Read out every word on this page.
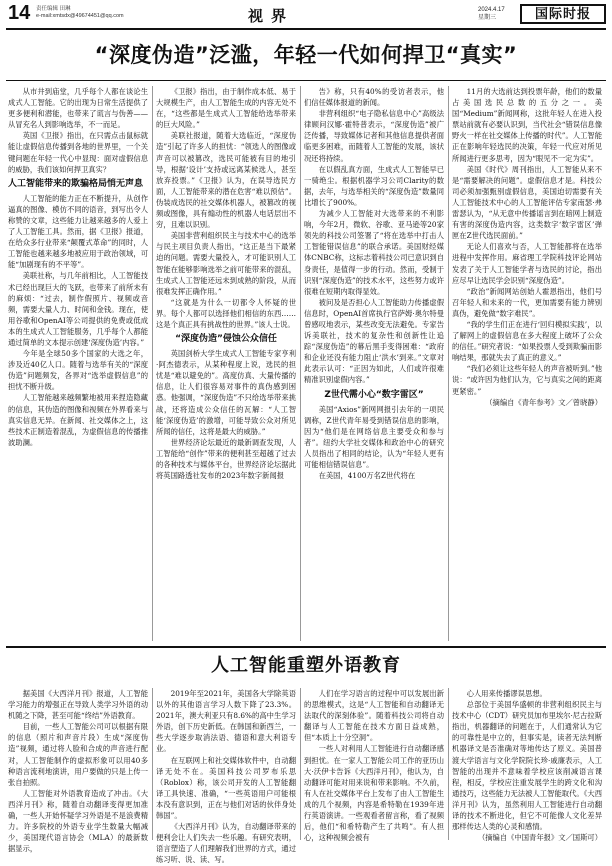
14 责任编辑 田琳
e-mail:xmtsdx@49674451@qq.com	视界	2024.4.17
星期三	国际时报
“深度伪造”泛滥，年轻一代如何捍卫“真实”

从市井到庙堂，几乎每个人都在谈论生成式人工智能。它的出现为日常生活提供了更多便利和潜能，也带来了谎言与伪善——从冒充名人到影响选举，不一而足。

英国《卫报》指出，在只需点击鼠标就能让虚假信息传播到各地的世界里，一个关键问题在年轻一代心中显现：面对虚假信息的威胁，我们该如何捍卫真实？

人工智能带来的欺骗格局悄无声息

人工智能的能力正在不断提升，从创作逼真的图像、模仿不同的语音，到写出令人称赞的文章，这些能力让越来越多的人爱上了人工智能工具。然而，据《卫报》报道，在给众多行业带来“颠覆式革命”的同时，人工智能也越来越多地被应用于政治领域，可能“加剧现有的不平等”。

美联社称，与几年前相比，人工智能技术已经出现巨大的飞跃，也带来了前所未有的麻烦：“过去，制作假照片、视频或音频，需要大量人力、时间和金钱。现在，使用谷歌和OpenAI等公司提供的免费或低成本的生成式人工智能服务，几乎每个人都能通过简单的文本提示创建‘深度伪造’内容。”

今年是全球50多个国家的大选之年，涉及近40亿人口。随着与选举有关的“深度伪造”问题频发，各界对“选举虚假信息”的担忧不断升级。

人工智能越来越频繁地被用来捏造隐藏的信息，其伪造的图像和视频在外界看来与真实信息无异。在新闻、社交媒体之上，这些技术正制造着混乱，为虚假信息的传播推波助澜。

《卫报》指出，由于制作成本低、易于大规模生产，由人工智能生成的内容无处不在，“这些都是生成式人工智能给选举带来的巨大风险。”

美联社报道，随着大选临近，“深度伪造”引起了许多人的担忧：“领选人的图像或声音可以被篡改，选民可能被有目的地引导，根据‘设计’支持或远离某候选人，甚至放弃投票。”《卫报》认为，在误导选民方面，人工智能带来的潜在危害“难以预估”。伪装成选民的社交媒体机器人，被篡改的视频或图像，具有煽动性的机器人电话层出不穷，且难以识别。

美国非营利组织民主与技术中心的选举与民主项目负责人指出，“这正是当下最紧迫的问题。需要大量投入，才可能识别人工智能在能够影响选举之前可能带来的混乱，生成式人工智能还远未到成熟的阶段，从而很难发挥正确作用。”

“这就是为什么一切都令人怀疑的世界。每个人都可以选择他们相信的东西……这是个真正具有挑战性的世界。”该人士说。

“深度伪造”侵蚀公众信任

英国剑桥大学生成式人工智能专家亨利·阿杰德表示，从某种程度上说，选民的担忧是“难以避免的”。高度仿真、大量传播的信息，让人们很容易对事件的真伪感到困惑。他强调，“深度伪造”不只给选举带来挑战，还将造成公众信任的瓦解：“人工智能‘深度伪造’的激增，可能导致公众对所见所闻的信任，这将是最大的威胁。”

世界经济论坛最近的最新调查发现，人工智能给“创作”带来的便利甚至超越了过去的各种技术与媒体平台，世界经济论坛据此将英国路透社发布的2023年数字新闻报

告》称，只有40%的受访者表示，他们信任媒体报道的新闻。

非营利组织“电子隐私信息中心”高级法律顾问汉娜·霍特普表示，“深度伪造”被广泛传播，导致媒体记者和其他信息提供者面临更多困难，而随着人工智能的发展，该状况还将持续。

在以假乱真方面，生成式人工智能早已一骑绝尘。根据机器学习公司Clarity的数据，去年，与选举相关的“深度伪造”数量同比增长了900%。

为减少人工智能对大选带来的不利影响，今年2月，微软、谷歌、亚马逊等20家领先的科技公司签署了“将在选举中打击人工智能错误信息”的联合承诺。美国财经媒体CNBC称，这标志着科技公司已意识到自身责任，是值得一步的行动。然而，受制于识别“深度伪造”的技术水平，这些努力或许很难在短期内取得显效。

被问及是否担心人工智能助力传播虚假信息时，OpenAI首席执行官萨姆·奥尔特曼曾感叹地表示，某些改变无法避免。专家告诉美联社，技术的复杂性和创新性让追踪“深度伪造”的幕后黑手变得困难：“政府和企业还没有能力阻止‘洪水’到来。”文章对此表示认可：“正因为如此，人们或许很难精准识别虚假内容。”

Z世代需小心“数字雷区”

美国“Axios”新网网报引去年的一项民调称，Z世代青年易受到错误信息的影响，因为“他们是在网络信息主要受众和参与者”。纽约大学社交媒体和政治中心的研究人员指出了相同的结论，认为“年轻人更有可能相信错误信息”。

在美国，4100万名Z世代将在

11月的大选前达到投票年龄，他们的数量占美国选民总数的五分之一。美国“Medium”新闻网称，这批年轻人在进入投票站前就有必要认识到，当代社会“错误信息像野火一样在社交媒体上传播的时代”。人工智能正在影响年轻选民的决策，年轻一代应对所见所闻进行更多思考，因为“眼见不一定为实”。

美国《时代》周刊指出，人工智能从来不是“需要解决的问题”。虚假信息才是。科技公司必须加强甄别虚假信息，美国迫切需要有关人工智能技术中心的人工智能评估专家南瑟·弗雷瑟认为，“从无意中传播谣言到在暗网上制造有害的深度伪造内容，这类数字‘数字雷区’弹匣在Z世代选民面前。”

无论人们喜欢与否，人工智能都将在选举进程中发挥作用。麻省理工学院科技评论网站发表了关于人工智能学者与选民的讨论，指出应尽早让选民学会识别“深度伪造”。

“政治”新闻网站创始人霍恩指出，他们号召年轻人和未来的一代，更加需要有能力辨别真伪，避免做“数字难民”。

“我的学生们正在进行‘回归模拟实践’，以了解网上的虚假信息在多大程度上破坏了公众的信任。”研究者说：“如果投票人受到欺骗而影响结果，那就失去了真正的意义。”

“我们必须让这些年轻人的声音被听到。”他说：“或许因为他们认为，它与真实之间的距离更紧密。”

（摘编自《青年参考》文／曾晓静）

人工智能重塑外语教育

据美国《大西洋月刊》报道，人工智能学习能力的增强正在导致人类学习外语的动机随之下降，甚至可能“终结”外语教育。

目前，一些人工智能公司可以根据有限的信息（照片和声音片段）生成“深度伪造”视频，通过将人脸和合成的声音进行配对，人工智能制作的虚拟形象可以用40多种语言流利地演讲，用户要做的只是上传一张自拍照。

人工智能对外语教育造成了冲击。《大西洋月刊》称，随着自动翻译变得更加准确，一些人开始怀疑学习外语是不是浪费精力。许多院校的外语专业学生数量大幅减少，美国现代语言协会（MLA）的最新数据显示，

2019年至2021年，美国各大学除英语以外的其他语言学习人数下降了23.3%。2021年，澳大利亚只有8.6%的高中生学习外语，创下历史新低。在韩国和新西兰，一些大学逐步取消法语、德语和意大利语专业。

在互联网上和社交媒体软件中，自动翻译无处不在。美国科技公司罗布乐思（Roblox）称，该公司开发的人工智能翻译工具快速、准确，“一些英语用户可能根本没有意识到，正在与他们对话的伙伴身处韩国”。

《大西洋月刊》认为，自动翻译带来的便利会让人们失去一些乐趣。有研究表明，语言塑造了人们理解我们世界的方式，通过练习听、说、读、写。

人们在学习语言的过程中可以发展出新的思维模式，这是“人工智能和自动翻译无法取代的深刻体验”。随着科技公司将自动翻译与人工智能在技术方面日益成熟，但“本质上十分空洞”。

一些人对利用人工智能进行自动翻译感到担忧。在一家人工智能公司工作的亚历山大·沃伊卡告诉《大西洋月刊》，他认为，自动翻译可能对用来说和带来影响。不久前，有人在社交媒体平台上发布了由人工智能生成的几个视频，内容是希特勒在1939年进行英语演讲。一些观看者留言称，看了视频后，他们“和希特勒产生了共鸣”。有人担心，这种视频会被有

心人用来传播谬误思想。

总部位于美国华盛顿的非营利组织民主与技术中心（CDT）研究员加布里埃尔·尼古拉斯指出，机器翻译的问题在于，人们通常认为它的可靠性是中立的，但事实是，读者无法判断机器译文是否准确对等地传达了原义。美国普渡大学语言与文化学院院长珍·戚廉表示，人工智能的出现并不意味着学校应该削减语言课程，相反，学校应注重发展学生的跨文化和沟通技巧，这些能力无法被人工智能取代。《大西洋月刊》认为，虽然利用人工智能进行自动翻译的技术不断进化，但它不可能像人文化差异那样传达人类的心灵和感情。

（摘编自《中国青年报》文／国斯可）
